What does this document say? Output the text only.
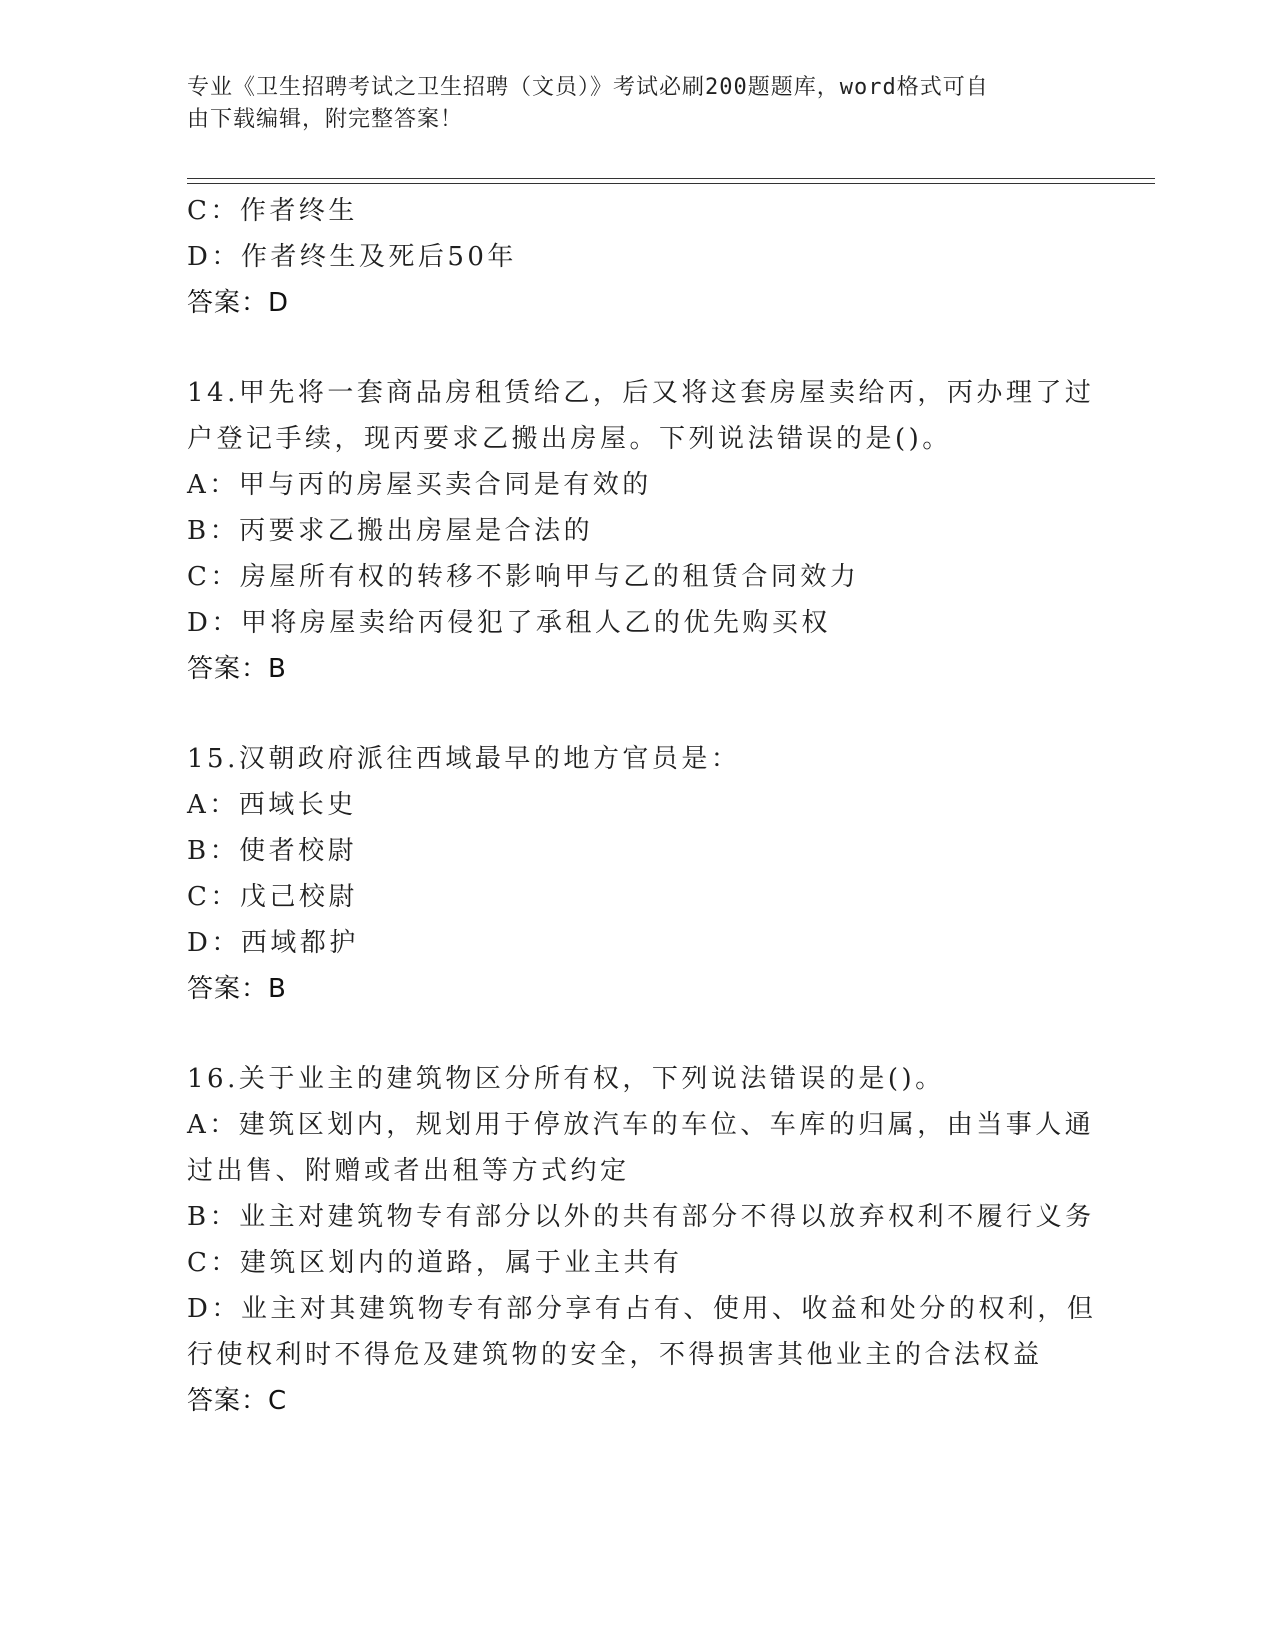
专业《卫生招聘考试之卫生招聘（文员）》考试必刷200题题库，word格式可自
由下载编辑，附完整答案！
C：作者终生
D：作者终生及死后50年
答案：D
14.甲先将一套商品房租赁给乙，后又将这套房屋卖给丙，丙办理了过
户登记手续，现丙要求乙搬出房屋。下列说法错误的是()。
A：甲与丙的房屋买卖合同是有效的
B：丙要求乙搬出房屋是合法的
C：房屋所有权的转移不影响甲与乙的租赁合同效力
D：甲将房屋卖给丙侵犯了承租人乙的优先购买权
答案：B
15.汉朝政府派往西域最早的地方官员是：
A：西域长史
B：使者校尉
C：戊己校尉
D：西域都护
答案：B
16.关于业主的建筑物区分所有权，下列说法错误的是()。
A：建筑区划内，规划用于停放汽车的车位、车库的归属，由当事人通
过出售、附赠或者出租等方式约定
B：业主对建筑物专有部分以外的共有部分不得以放弃权利不履行义务
C：建筑区划内的道路，属于业主共有
D：业主对其建筑物专有部分享有占有、使用、收益和处分的权利，但
行使权利时不得危及建筑物的安全，不得损害其他业主的合法权益
答案：C
